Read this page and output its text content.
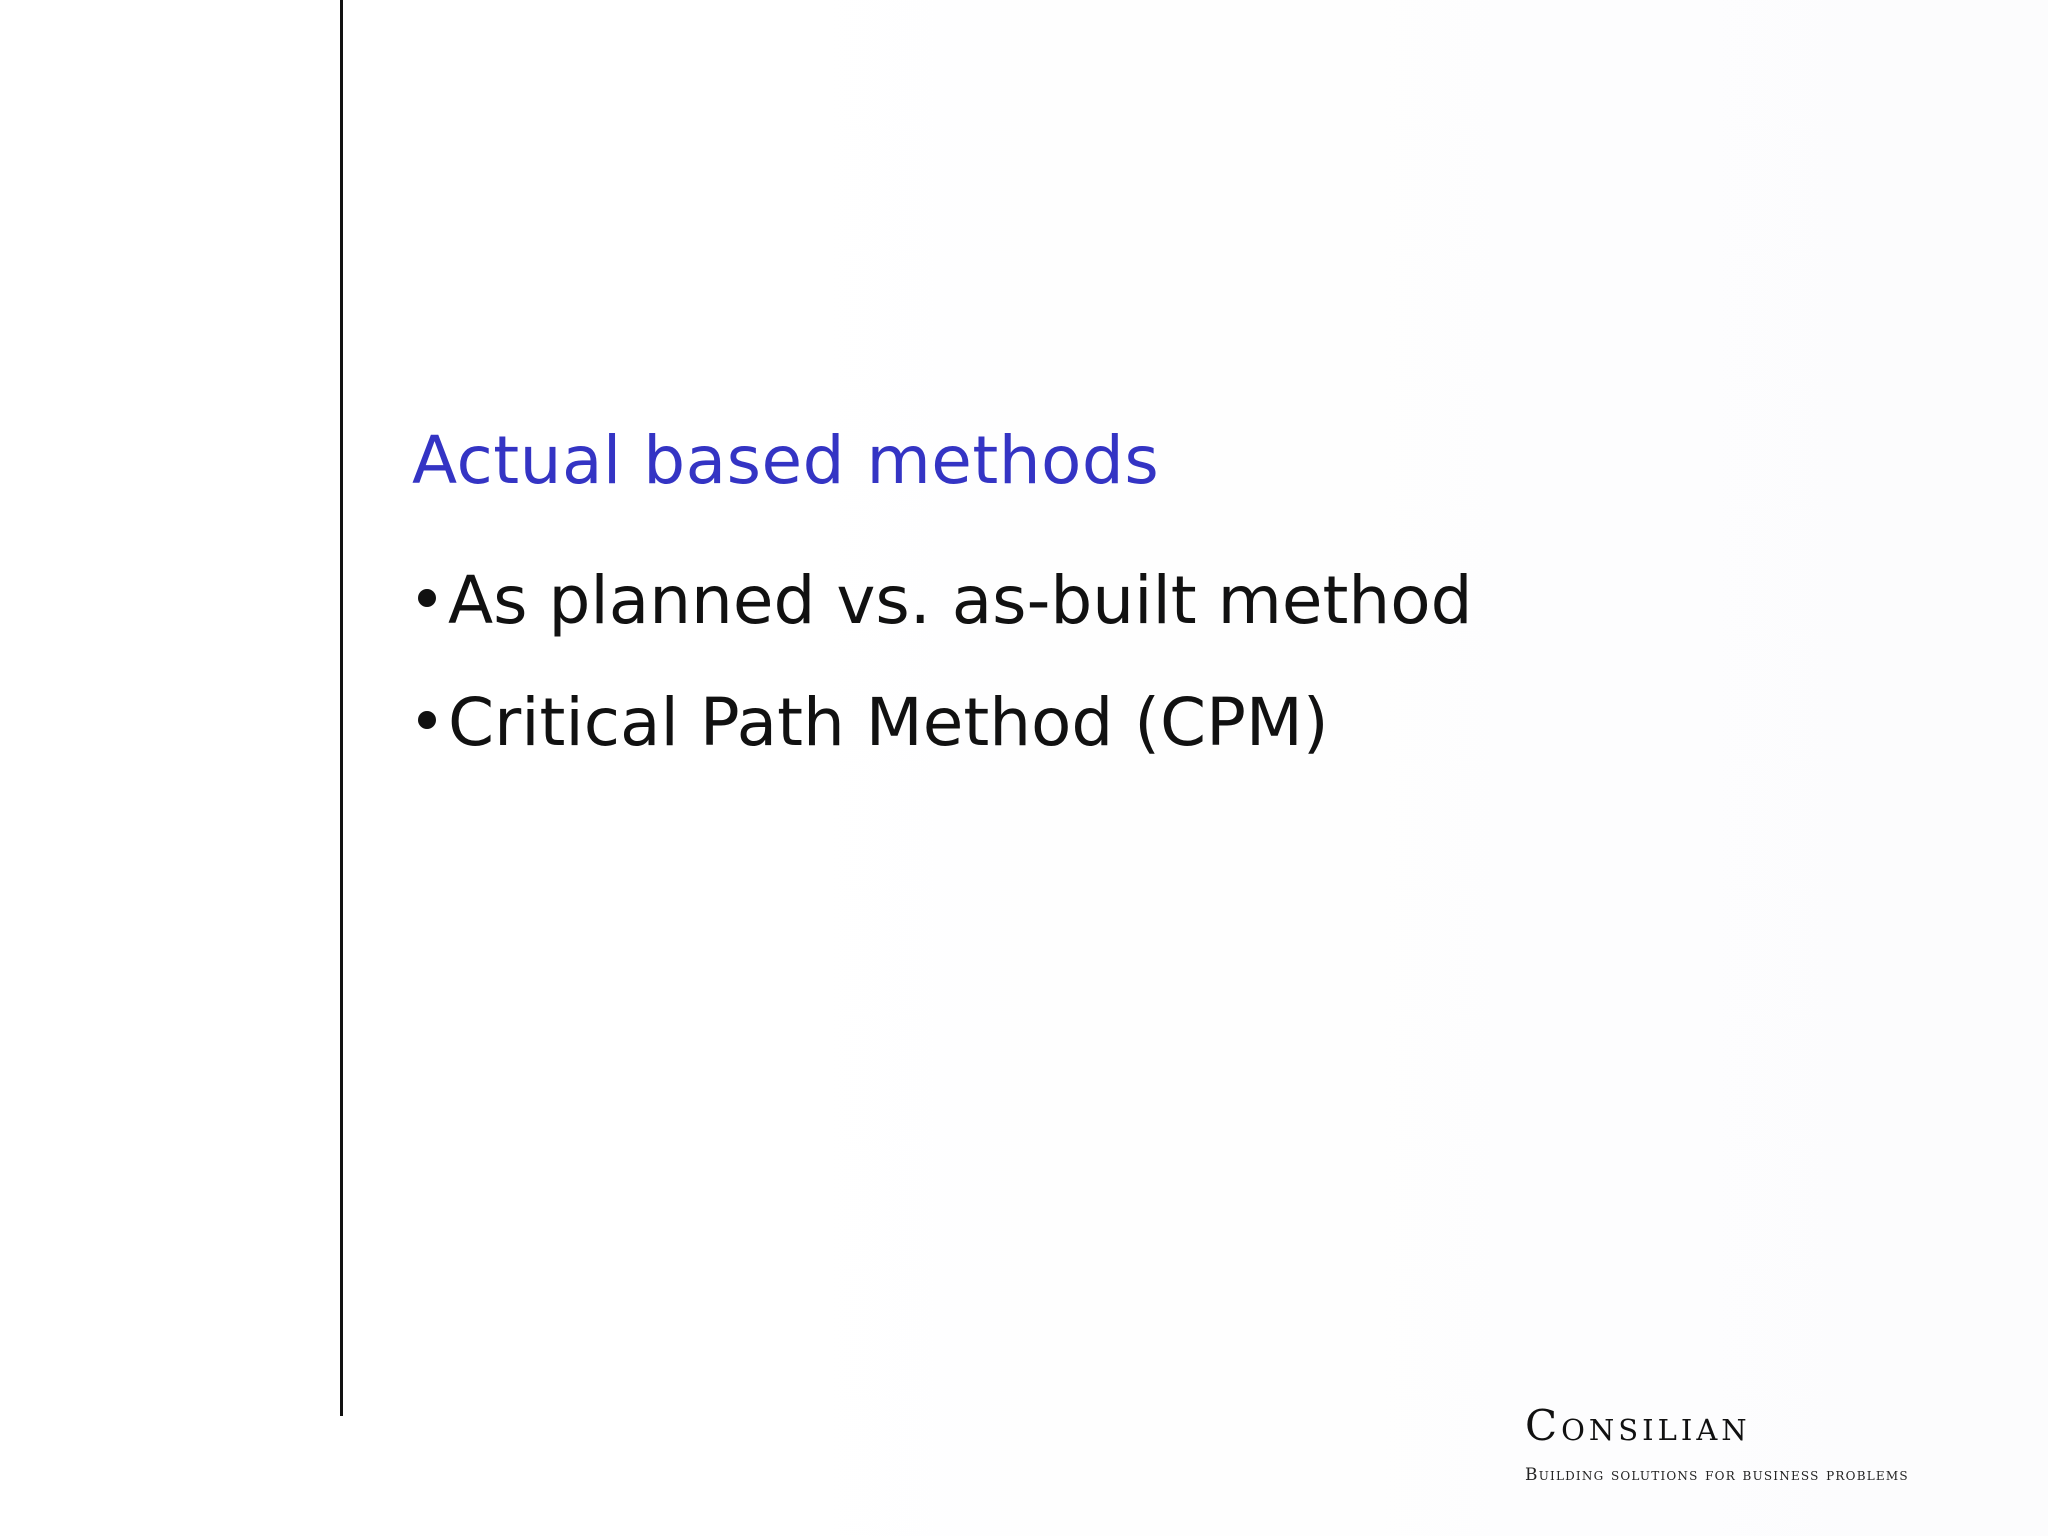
Actual based methods
As planned vs. as-built method
Critical Path Method (CPM)
Consilian
Building solutions for business problems
